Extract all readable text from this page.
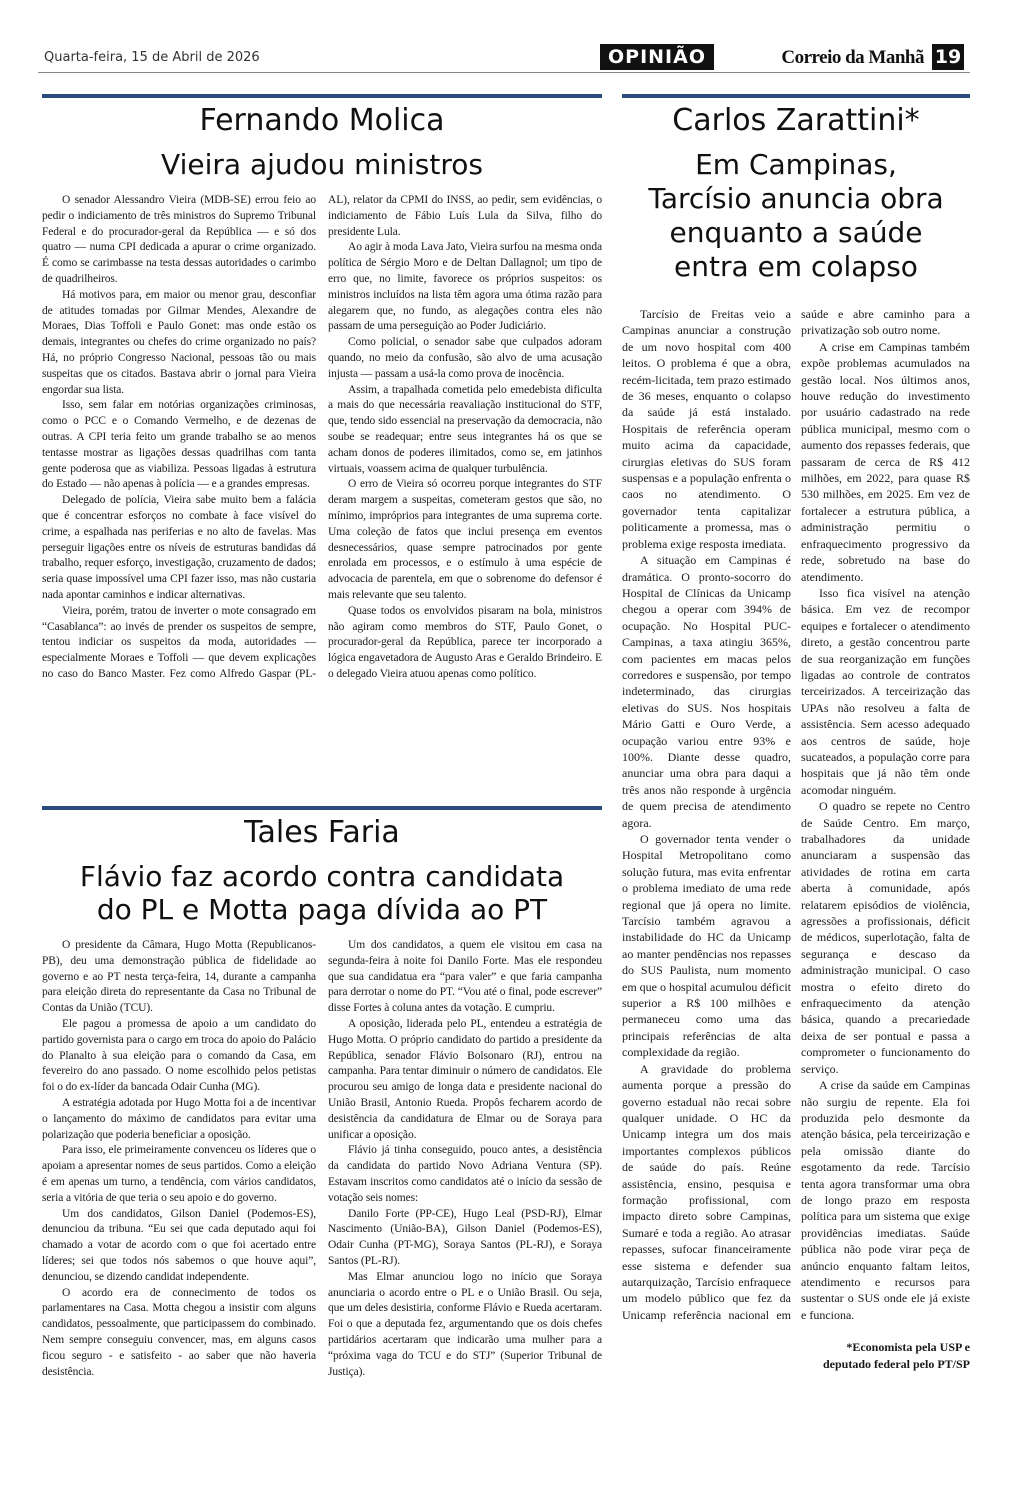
Quarta-feira, 15 de Abril de 2026	OPINIÃO	Correio da Manhã 19
Fernando Molica
Vieira ajudou ministros

O senador Alessandro Vieira (MDB-SE) errou feio ao pedir o indiciamento de três ministros do Supremo Tribunal Federal e do procurador-geral da República — e só dos quatro — numa CPI dedicada a apurar o crime organizado. É como se carimbasse na testa dessas autoridades o carimbo de quadrilheiros.

Há motivos para, em maior ou menor grau, desconfiar de atitudes tomadas por Gilmar Mendes, Alexandre de Moraes, Dias Toffoli e Paulo Gonet: mas onde estão os demais, integrantes ou chefes do crime organizado no país? Há, no próprio Congresso Nacional, pessoas tão ou mais suspeitas que os citados. Bastava abrir o jornal para Vieira engordar sua lista.

Isso, sem falar em notórias organizações criminosas, como o PCC e o Comando Vermelho, e de dezenas de outras. A CPI teria feito um grande trabalho se ao menos tentasse mostrar as ligações dessas quadrilhas com tanta gente poderosa que as viabiliza. Pessoas ligadas à estrutura do Estado — não apenas à polícia — e a grandes empresas.

Delegado de polícia, Vieira sabe muito bem a falácia que é concentrar esforços no combate à face visível do crime, a espalhada nas periferias e no alto de favelas. Mas perseguir ligações entre os níveis de estruturas bandidas dá trabalho, requer esforço, investigação, cruzamento de dados; seria quase impossível uma CPI fazer isso, mas não custaria nada apontar caminhos e indicar alternativas.

Vieira, porém, tratou de inverter o mote consagrado em “Casablanca”: ao invés de prender os suspeitos de sempre, tentou indiciar os suspeitos da moda, autoridades — especialmente Moraes e Toffoli — que devem explicações no caso do Banco Master. Fez como Alfredo Gaspar (PL-AL), relator da CPMI do INSS, ao pedir, sem evidências, o indiciamento de Fábio Luís Lula da Silva, filho do presidente Lula.

Ao agir à moda Lava Jato, Vieira surfou na mesma onda política de Sérgio Moro e de Deltan Dallagnol; um tipo de erro que, no limite, favorece os próprios suspeitos: os ministros incluídos na lista têm agora uma ótima razão para alegarem que, no fundo, as alegações contra eles não passam de uma perseguição ao Poder Judiciário.

Como policial, o senador sabe que culpados adoram quando, no meio da confusão, são alvo de uma acusação injusta — passam a usá-la como prova de inocência.

Assim, a trapalhada cometida pelo emedebista dificulta a mais do que necessária reavaliação institucional do STF, que, tendo sido essencial na preservação da democracia, não soube se readequar; entre seus integrantes há os que se acham donos de poderes ilimitados, como se, em jatinhos virtuais, voassem acima de qualquer turbulência.

O erro de Vieira só ocorreu porque integrantes do STF deram margem a suspeitas, cometeram gestos que são, no mínimo, impróprios para integrantes de uma suprema corte. Uma coleção de fatos que inclui presença em eventos desnecessários, quase sempre patrocinados por gente enrolada em processos, e o estímulo à uma espécie de advocacia de parentela, em que o sobrenome do defensor é mais relevante que seu talento.

Quase todos os envolvidos pisaram na bola, ministros não agiram como membros do STF, Paulo Gonet, o procurador-geral da República, parece ter incorporado a lógica engavetadora de Augusto Aras e Geraldo Brindeiro. E o delegado Vieira atuou apenas como político.

Tales Faria
Flávio faz acordo contra candidata
do PL e Motta paga dívida ao PT

O presidente da Câmara, Hugo Motta (Republicanos-PB), deu uma demonstração pública de fidelidade ao governo e ao PT nesta terça-feira, 14, durante a campanha para eleição direta do representante da Casa no Tribunal de Contas da União (TCU).

Ele pagou a promessa de apoio a um candidato do partido governista para o cargo em troca do apoio do Palácio do Planalto à sua eleição para o comando da Casa, em fevereiro do ano passado. O nome escolhido pelos petistas foi o do ex-líder da bancada Odair Cunha (MG).

A estratégia adotada por Hugo Motta foi a de incentivar o lançamento do máximo de candidatos para evitar uma polarização que poderia beneficiar a oposição.

Para isso, ele primeiramente convenceu os líderes que o apoiam a apresentar nomes de seus partidos. Como a eleição é em apenas um turno, a tendência, com vários candidatos, seria a vitória de que teria o seu apoio e do governo.

Um dos candidatos, Gilson Daniel (Podemos-ES), denunciou da tribuna. “Eu sei que cada deputado aqui foi chamado a votar de acordo com o que foi acertado entre líderes; sei que todos nós sabemos o que houve aqui”, denunciou, se dizendo candidat independente.

O acordo era de connecimento de todos os parlamentares na Casa. Motta chegou a insistir com alguns candidatos, pessoalmente, que participassem do combinado. Nem sempre conseguiu convencer, mas, em alguns casos ficou seguro - e satisfeito - ao saber que não haveria desistência.

Um dos candidatos, a quem ele visitou em casa na segunda-feira à noite foi Danilo Forte. Mas ele respondeu que sua candidatua era “para valer” e que faria campanha para derrotar o nome do PT. “Vou até o final, pode escrever” disse Fortes à coluna antes da votação. E cumpriu.

A oposição, liderada pelo PL, entendeu a estratégia de Hugo Motta. O próprio candidato do partido a presidente da República, senador Flávio Bolsonaro (RJ), entrou na campanha. Para tentar diminuir o número de candidatos. Ele procurou seu amigo de longa data e presidente nacional do União Brasil, Antonio Rueda. Propôs fecharem acordo de desistência da candidatura de Elmar ou de Soraya para unificar a oposição.

Flávio já tinha conseguido, pouco antes, a desistência da candidata do partido Novo Adriana Ventura (SP). Estavam inscritos como candidatos até o início da sessão de votação seis nomes:

Danilo Forte (PP-CE), Hugo Leal (PSD-RJ), Elmar Nascimento (União-BA), Gilson Daniel (Podemos-ES), Odair Cunha (PT-MG), Soraya Santos (PL-RJ), e Soraya Santos (PL-RJ).

Mas Elmar anunciou logo no início que Soraya anunciaria o acordo entre o PL e o União Brasil. Ou seja, que um deles desistiria, conforme Flávio e Rueda acertaram. Foi o que a deputada fez, argumentando que os dois chefes partidários acertaram que indicarão uma mulher para a “próxima vaga do TCU e do STJ” (Superior Tribunal de Justiça).

Carlos Zarattini*
Em Campinas,
Tarcísio anuncia obra
enquanto a saúde
entra em colapso

Tarcísio de Freitas veio a Campinas anunciar a construção de um novo hospital com 400 leitos. O problema é que a obra, recém-licitada, tem prazo estimado de 36 meses, enquanto o colapso da saúde já está instalado. Hospitais de referência operam muito acima da capacidade, cirurgias eletivas do SUS foram suspensas e a população enfrenta o caos no atendimento. O governador tenta capitalizar politicamente a promessa, mas o problema exige resposta imediata.

A situação em Campinas é dramática. O pronto-socorro do Hospital de Clínicas da Unicamp chegou a operar com 394% de ocupação. No Hospital PUC-Campinas, a taxa atingiu 365%, com pacientes em macas pelos corredores e suspensão, por tempo indeterminado, das cirurgias eletivas do SUS. Nos hospitais Mário Gatti e Ouro Verde, a ocupação variou entre 93% e 100%. Diante desse quadro, anunciar uma obra para daqui a três anos não responde à urgência de quem precisa de atendimento agora.

O governador tenta vender o Hospital Metropolitano como solução futura, mas evita enfrentar o problema imediato de uma rede regional que já opera no limite. Tarcísio também agravou a instabilidade do HC da Unicamp ao manter pendências nos repasses do SUS Paulista, num momento em que o hospital acumulou déficit superior a R$ 100 milhões e permaneceu como uma das principais referências de alta complexidade da região.

A gravidade do problema aumenta porque a pressão do governo estadual não recai sobre qualquer unidade. O HC da Unicamp integra um dos mais importantes complexos públicos de saúde do país. Reúne assistência, ensino, pesquisa e formação profissional, com impacto direto sobre Campinas, Sumaré e toda a região. Ao atrasar repasses, sufocar financeiramente esse sistema e defender sua autarquização, Tarcísio enfraquece um modelo público que fez da Unicamp referência nacional em saúde e abre caminho para a privatização sob outro nome.

A crise em Campinas também expõe problemas acumulados na gestão local. Nos últimos anos, houve redução do investimento por usuário cadastrado na rede pública municipal, mesmo com o aumento dos repasses federais, que passaram de cerca de R$ 412 milhões, em 2022, para quase R$ 530 milhões, em 2025. Em vez de fortalecer a estrutura pública, a administração permitiu o enfraquecimento progressivo da rede, sobretudo na base do atendimento.

Isso fica visível na atenção básica. Em vez de recompor equipes e fortalecer o atendimento direto, a gestão concentrou parte de sua reorganização em funções ligadas ao controle de contratos terceirizados. A terceirização das UPAs não resolveu a falta de assistência. Sem acesso adequado aos centros de saúde, hoje sucateados, a população corre para hospitais que já não têm onde acomodar ninguém.

O quadro se repete no Centro de Saúde Centro. Em março, trabalhadores da unidade anunciaram a suspensão das atividades de rotina em carta aberta à comunidade, após relatarem episódios de violência, agressões a profissionais, déficit de médicos, superlotação, falta de segurança e descaso da administração municipal. O caso mostra o efeito direto do enfraquecimento da atenção básica, quando a precariedade deixa de ser pontual e passa a comprometer o funcionamento do serviço.

A crise da saúde em Campinas não surgiu de repente. Ela foi produzida pelo desmonte da atenção básica, pela terceirização e pela omissão diante do esgotamento da rede. Tarcísio tenta agora transformar uma obra de longo prazo em resposta política para um sistema que exige providências imediatas. Saúde pública não pode virar peça de anúncio enquanto faltam leitos, atendimento e recursos para sustentar o SUS onde ele já existe e funciona.

*Economista pela USP e
deputado federal pelo PT/SP
